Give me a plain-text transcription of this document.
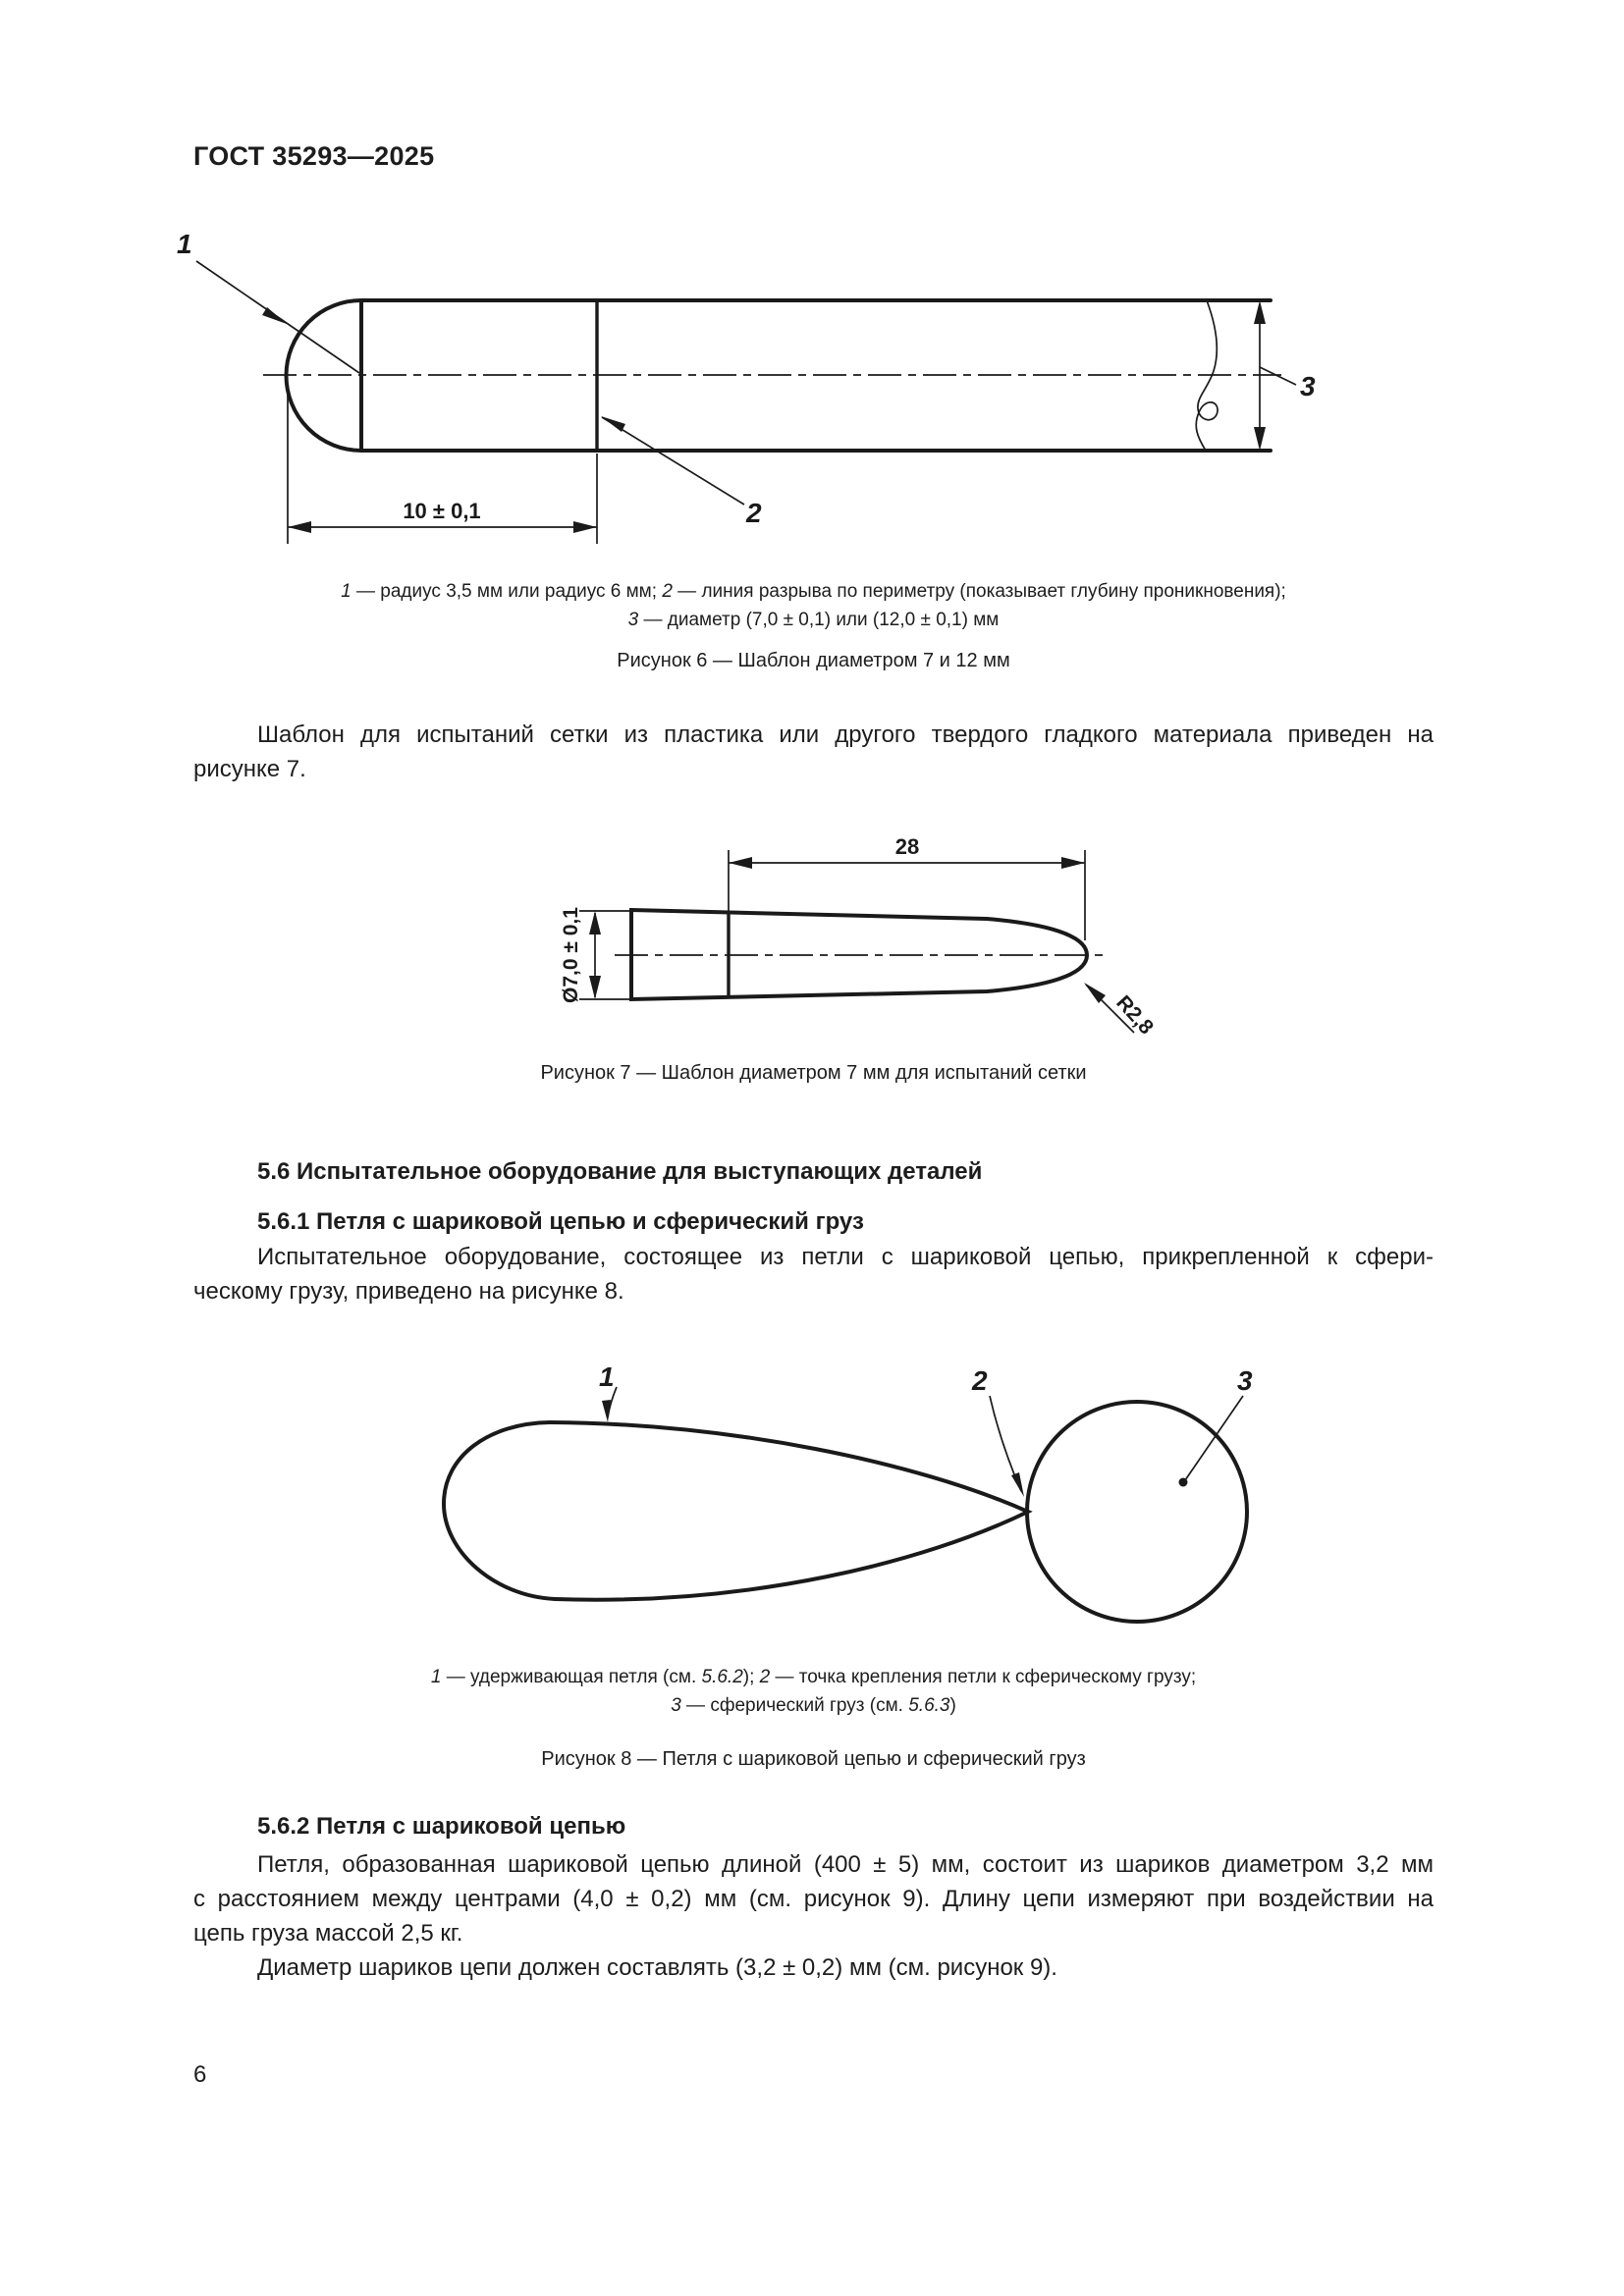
ГОСТ 35293—2025
1
2
3
10 ± 0,1
28
Ø7,0 ± 0,1
R2,8
1	2	3
1 — радиус 3,5 мм или радиус 6 мм; 2 — линия разрыва по периметру (показывает глубину проникновения);
3 — диаметр (7,0 ± 0,1) или (12,0 ± 0,1) мм
Рисунок 6 — Шаблон диаметром 7 и 12 мм
Шаблон для испытаний сетки из пластика или другого твердого гладкого материала приведен на
рисунке 7.
Рисунок 7 — Шаблон диаметром 7 мм для испытаний сетки
5.6 Испытательное оборудование для выступающих деталей
5.6.1 Петля с шариковой цепью и сферический груз
Испытательное оборудование, состоящее из петли с шариковой цепью, прикрепленной к сфери-
ческому грузу, приведено на рисунке 8.
1 — удерживающая петля (см. 5.6.2); 2 — точка крепления петли к сферическому грузу;
3 — сферический груз (см. 5.6.3)
Рисунок 8 — Петля с шариковой цепью и сферический груз
5.6.2 Петля с шариковой цепью
Петля, образованная шариковой цепью длиной (400 ± 5) мм, состоит из шариков диаметром 3,2 мм
с расстоянием между центрами (4,0 ± 0,2) мм (см. рисунок 9). Длину цепи измеряют при воздействии на
цепь груза массой 2,5 кг.
Диаметр шариков цепи должен составлять (3,2 ± 0,2) мм (см. рисунок 9).
6
